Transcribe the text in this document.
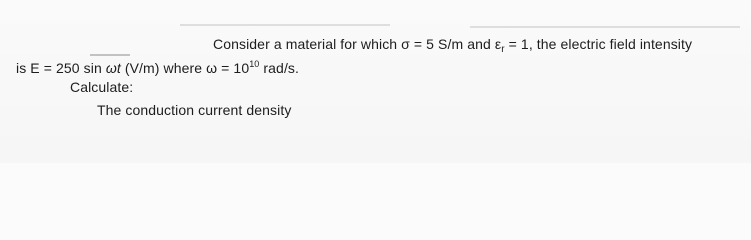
Consider a material for which σ = 5 S/m and $\varepsilon_r = 1$, the electric field intensity
is E = 250 sin ωt (V/m) where $\omega = 10^{10}$ rad/s.
Calculate:
The conduction current density
